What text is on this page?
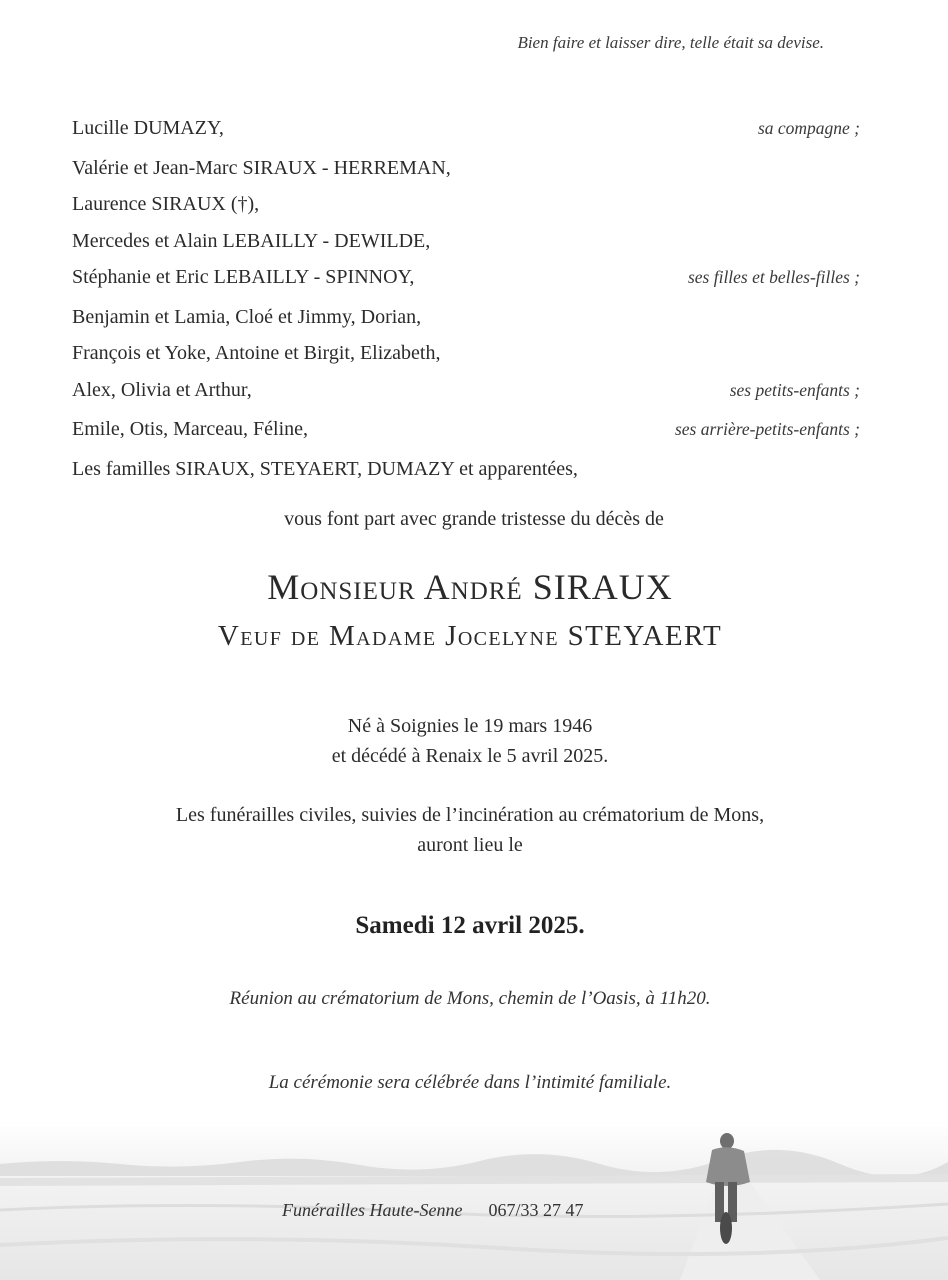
Bien faire et laisser dire, telle était sa devise.
Lucille DUMAZY,	sa compagne ;
Valérie et Jean-Marc SIRAUX - HERREMAN,
Laurence SIRAUX (†),
Mercedes et Alain LEBAILLY - DEWILDE,
Stéphanie et Eric LEBAILLY - SPINNOY,	ses filles et belles-filles ;
Benjamin et Lamia, Cloé et Jimmy, Dorian,
François et Yoke, Antoine et Birgit, Elizabeth,
Alex, Olivia et Arthur,	ses petits-enfants ;
Emile, Otis, Marceau, Féline,	ses arrière-petits-enfants ;
Les familles SIRAUX, STEYAERT, DUMAZY et apparentées,
vous font part avec grande tristesse du décès de
Monsieur André SIRAUX
Veuf de Madame Jocelyne STEYAERT
Né à Soignies le 19 mars 1946
et décédé à Renaix le 5 avril 2025.
Les funérailles civiles, suivies de l’incinération au crématorium de Mons,
auront lieu le
Samedi 12 avril 2025.
Réunion au crématorium de Mons, chemin de l’Oasis, à 11h20.
La cérémonie sera célébrée dans l’intimité familiale.
Funérailles Haute-Senne 067/33 27 47
